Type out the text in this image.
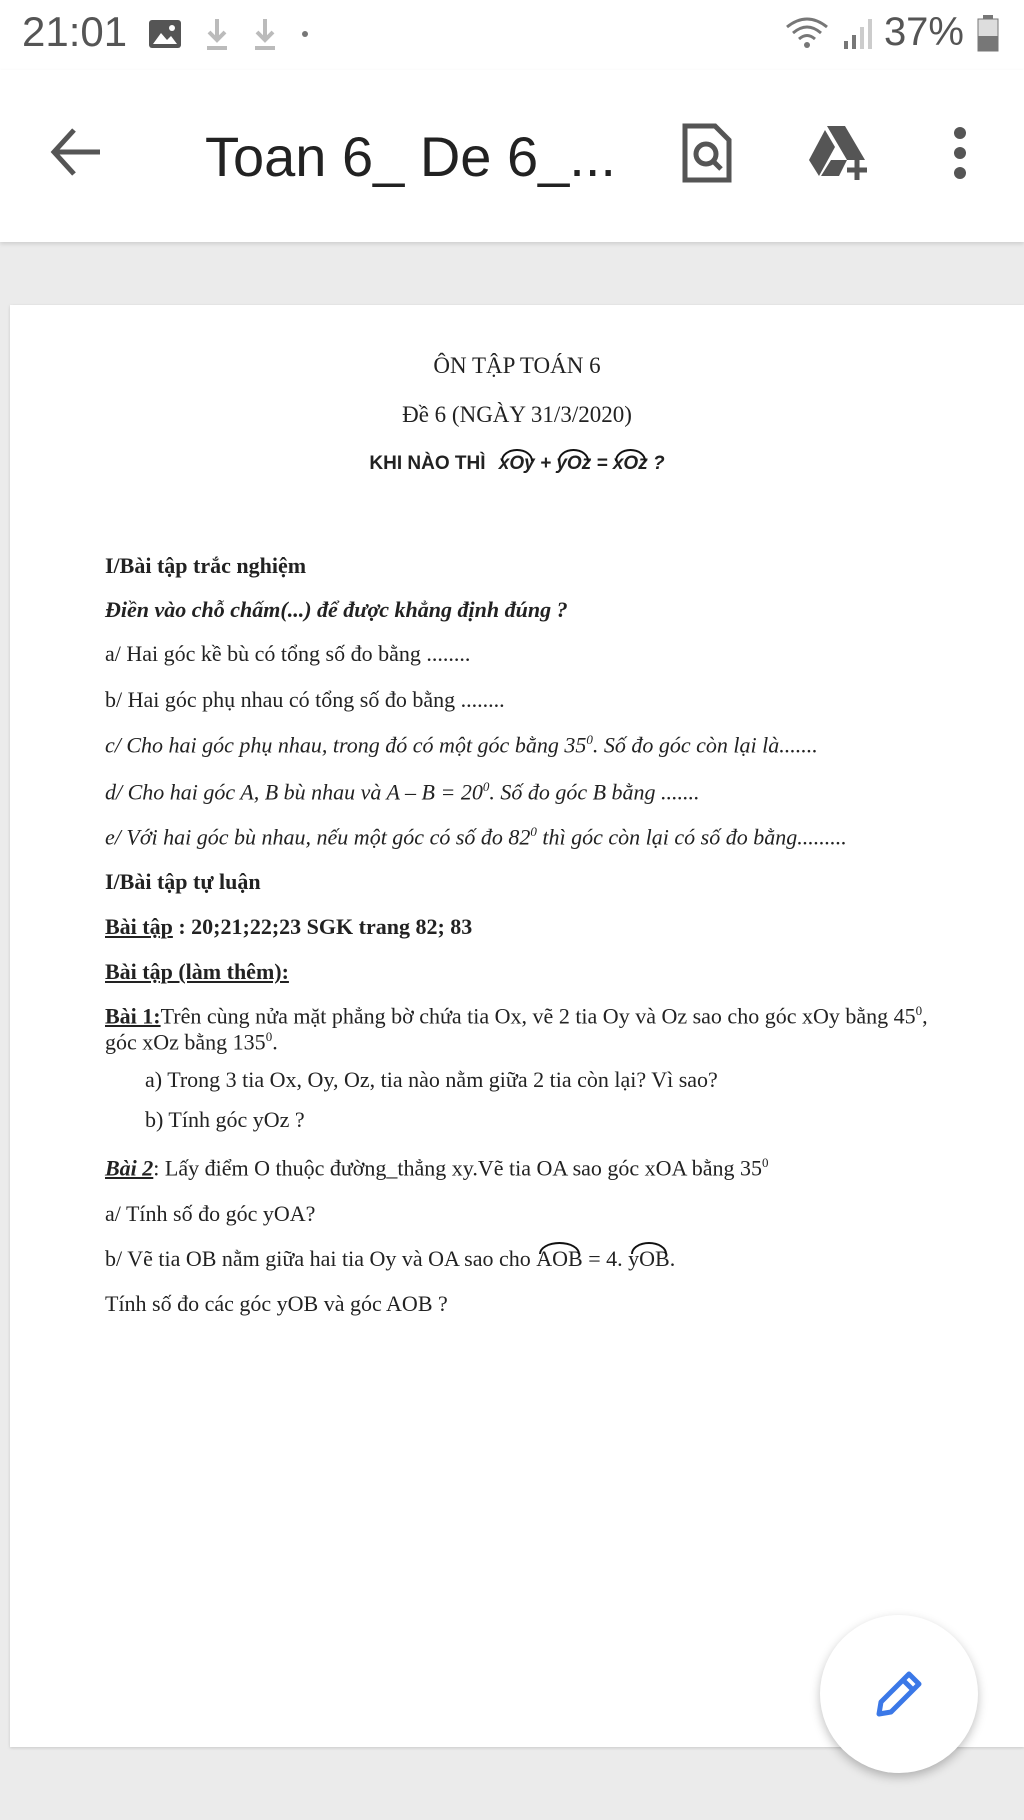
21:01	37%
Toan 6_ De 6_...
ÔN TẬP TOÁN 6
Đề 6 (NGÀY 31/3/2020)
KHI NÀO THÌ xOy + yOz = xOz ?
I/Bài tập trắc nghiệm
Điền vào chỗ chấm(...) để được khẳng định đúng ?
a/ Hai góc kề bù có tổng số đo bằng ........
b/ Hai góc phụ nhau có tổng số đo bằng ........
c/ Cho hai góc phụ nhau, trong đó có một góc bằng $35^0$. Số đo góc còn lại là.......
d/ Cho hai góc A, B bù nhau và $A - B = 20^0$. Số đo góc B bằng .......
e/ Với hai góc bù nhau, nếu một góc có số đo $82^0$ thì góc còn lại có số đo bằng.........
I/Bài tập tự luận
Bài tập : 20;21;22;23 SGK trang 82; 83
Bài tập (làm thêm):
Bài 1:Trên cùng nửa mặt phẳng bờ chứa tia Ox, vẽ 2 tia Oy và Oz sao cho góc xOy bằng $45^0$,
góc xOz bằng $135^0$.
a) Trong 3 tia Ox, Oy, Oz, tia nào nằm giữa 2 tia còn lại? Vì sao?
b) Tính góc yOz ?
Bài 2: Lấy điểm O thuộc đường_thẳng xy.Vẽ tia OA sao góc xOA bằng $35^0$
a/ Tính số đo góc yOA?
b/ Vẽ tia OB nằm giữa hai tia Oy và OA sao cho AOB = 4. yOB.
Tính số đo các góc yOB và góc AOB ?
